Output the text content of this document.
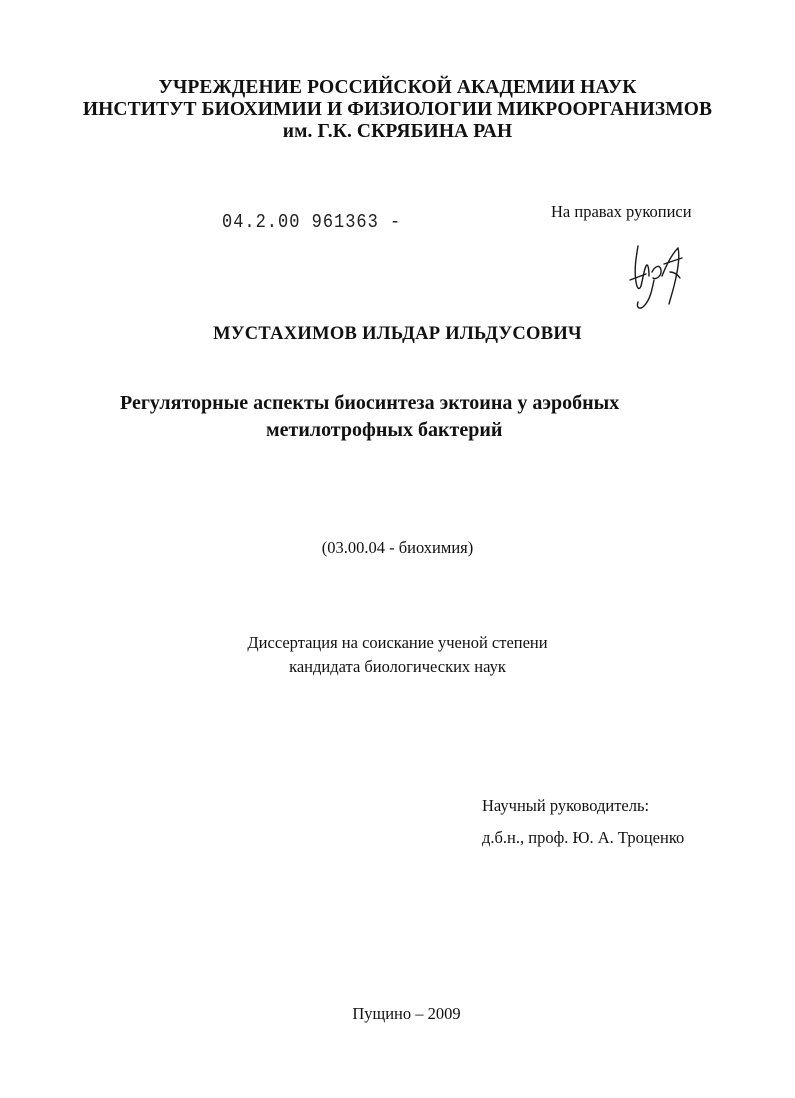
УЧРЕЖДЕНИЕ РОССИЙСКОЙ АКАДЕМИИ НАУК
ИНСТИТУТ БИОХИМИИ И ФИЗИОЛОГИИ МИКРООРГАНИЗМОВ
им. Г.К. СКРЯБИНА РАН
04.2.00 961363 -
На правах рукописи
МУСТАХИМОВ ИЛЬДАР ИЛЬДУСОВИЧ
Регуляторные аспекты биосинтеза эктоина у аэробных
метилотрофных бактерий
(03.00.04 - биохимия)
Диссертация на соискание ученой степени
кандидата биологических наук
Научный руководитель:
д.б.н., проф. Ю. А. Троценко
Пущино – 2009
